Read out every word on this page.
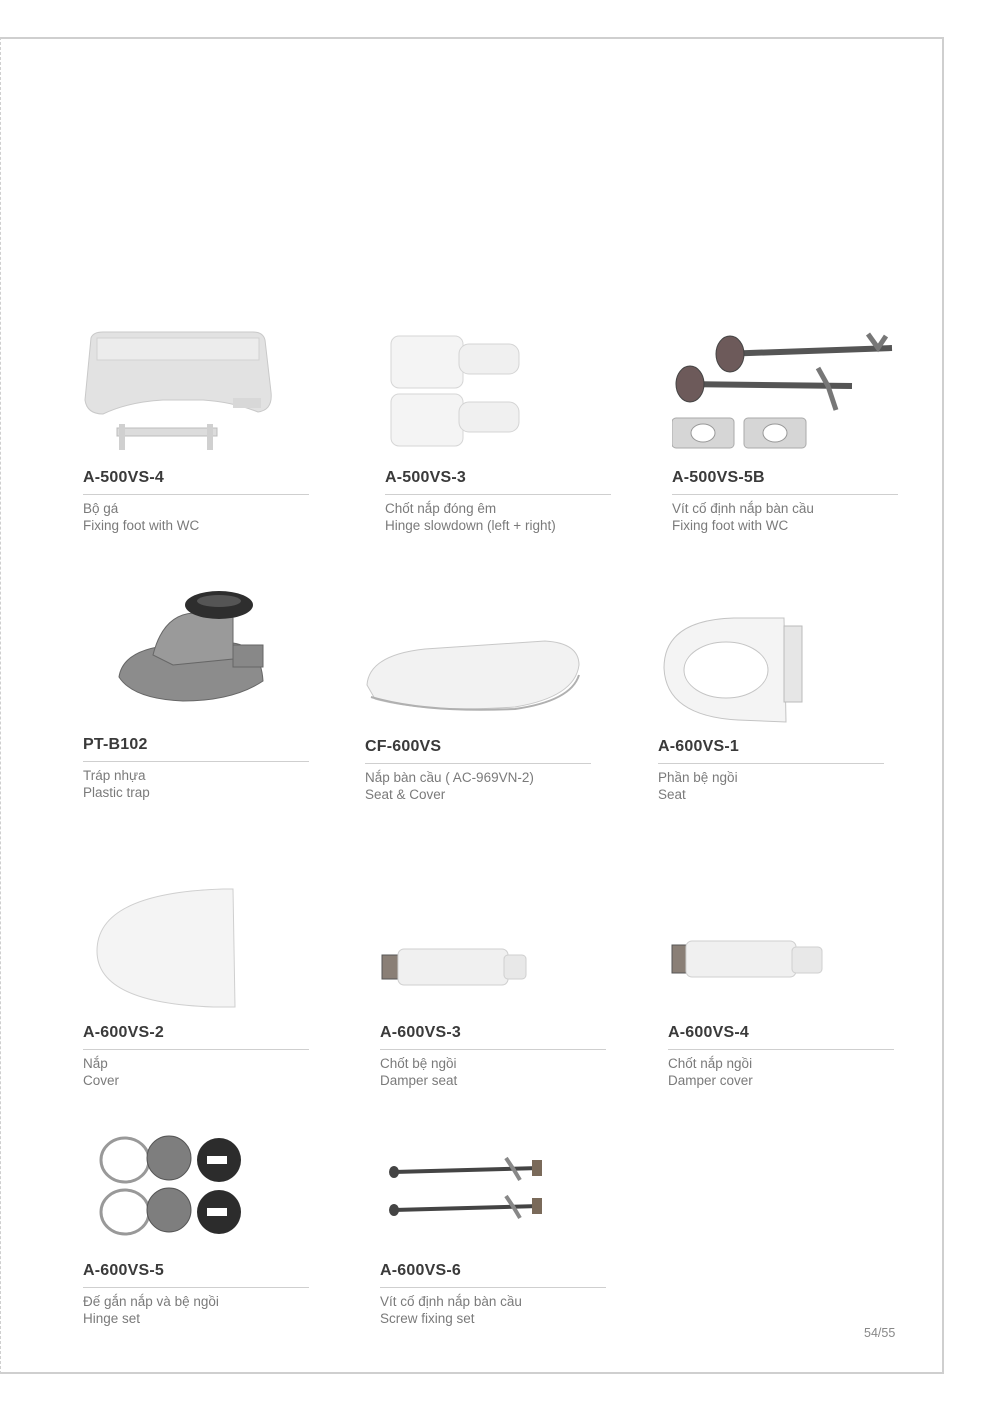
A-500VS-4
Bộ gá
Fixing foot with WC
A-500VS-3
Chốt nắp đóng êm
Hinge slowdown (left + right)
A-500VS-5B
Vít cố định nắp bàn cầu
Fixing foot with WC
PT-B102
Tráp nhựa
Plastic trap
CF-600VS
Nắp bàn cầu ( AC-969VN-2)
Seat & Cover
A-600VS-1
Phần bệ ngồi
Seat
A-600VS-2
Nắp
Cover
A-600VS-3
Chốt bệ ngồi
Damper seat
A-600VS-4
Chốt nắp ngồi
Damper cover
A-600VS-5
Đế gắn nắp và bệ ngồi
Hinge set
A-600VS-6
Vít cố định nắp bàn cầu
Screw fixing set
54/55
